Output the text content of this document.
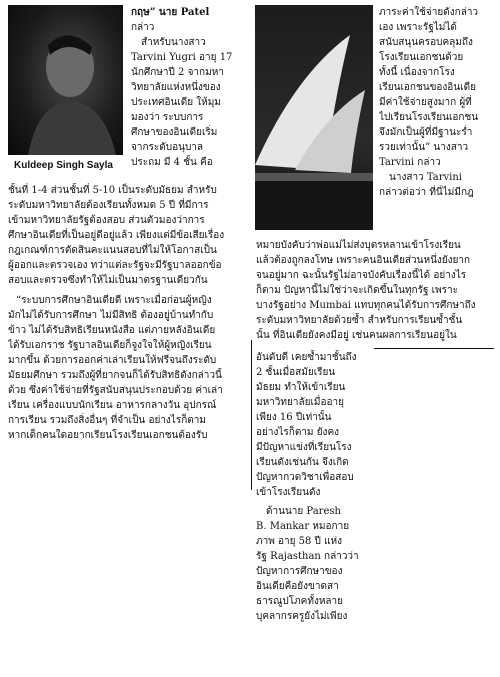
Kuldeep Singh Sayla

กฤษ” นาย Patel

กล่าว

สำหรับนางสาว

Tarvini Yugri อายุ 17

นักศึกษาปี 2 จากมหา

วิทยาลัยแห่งหนึ่งของ

ประเทศอินเดีย ให้มุม

มองว่า ระบบการ

ศึกษาของอินเดียเริ่ม

จากระดับอนุบาล

ประถม มี 4 ชั้น คือ

ภาระค่าใช้จ่ายดังกล่าว

เอง เพราะรัฐไม่ได้

สนับสนุนครอบคลุมถึง

โรงเรียนเอกชนด้วย

ทั้งนี้ เนื่องจากโรง

เรียนเอกชนของอินเดีย

มีค่าใช้จ่ายสูงมาก ผู้ที่

ไปเรียนโรงเรียนเอกชน

จึงมักเป็นผู้ที่มีฐานะร่ำ

รวยเท่านั้น” นางสาว

Tarvini กล่าว

นางสาว Tarvini

กล่าวต่อว่า ที่นี่ไม่มีกฎ

ชั้นที่ 1-4 ส่วนชั้นที่ 5-10 เป็นระดับมัธยม สำหรับ

ระดับมหาวิทยาลัยต้องเรียนทั้งหมด 5 ปี ที่มีการ

เข้ามหาวิทยาลัยรัฐต้องสอบ ส่วนตัวมองว่าการ

ศึกษาอินเดียที่เป็นอยู่ดีอยู่แล้ว เพียงแต่มีข้อเสียเรื่อง

กฎเกณฑ์การตัดสินคะแนนสอบที่ไม่ให้โอกาสเป็น

ผู้ออกและตรวจเอง ทว่าแต่ละรัฐจะมีรัฐบาลออกข้อ

สอบและตรวจซึ่งทำให้ไม่เป็นมาตรฐานเดียวกัน

“ระบบการศึกษาอินเดียดี เพราะเมื่อก่อนผู้หญิง

มักไม่ได้รับการศึกษา ไม่มีสิทธิ ต้องอยู่บ้านทำกับ

ข้าว ไม่ได้รับสิทธิเรียนหนังสือ แต่ภายหลังอินเดีย

ได้รับเอกราช รัฐบาลอินเดียก็จูงใจให้ผู้หญิงเรียน

มากขึ้น ด้วยการออกค่าเล่าเรียนให้ฟรีจนถึงระดับ

มัธยมศึกษา รวมถึงผู้ที่ยากจนก็ได้รับสิทธิดังกล่าวนี้

ด้วย ซึ่งค่าใช้จ่ายที่รัฐสนับสนุนประกอบด้วย ค่าเล่า

เรียน เครื่องแบบนักเรียน อาหารกลางวัน อุปกรณ์

การเรียน รวมถึงสิ่งอื่นๆ ที่จำเป็น อย่างไรก็ตาม

หากเด็กคนใดอยากเรียนโรงเรียนเอกชนต้องรับ

หมายบังคับว่าพ่อแม่ไม่ส่งบุตรหลานเข้าโรงเรียน

แล้วต้องถูกลงโทษ เพราะคนอินเดียส่วนหนึ่งยังยาก

จนอยู่มาก ฉะนั้นรัฐไม่อาจบังคับเรื่องนี้ได้ อย่างไร

ก็ตาม ปัญหานี้ไม่ใช่ว่าจะเกิดขึ้นในทุกรัฐ เพราะ

บางรัฐอย่าง Mumbai แทบทุกคนได้รับการศึกษาถึง

ระดับมหาวิทยาลัยด้วยซ้ำ สำหรับการเรียนซ้ำชั้น

นั้น ที่อินเดียยังคงมีอยู่ เช่นคนผลการเรียนอยู่ใน

อันดับดี เคยซ้ำมาชั้นถึง

2 ชั้นเมื่อสมัยเรียน

มัธยม ทำให้เข้าเรียน

มหาวิทยาลัยเมื่ออายุ

เพียง 16 ปีเท่านั้น

อย่างไรก็ตาม ยังคง

มีปัญหาแข่งที่เรียนโรง

เรียนดังเช่นกัน จึงเกิด

ปัญหากวดวิชาเพื่อสอบ

เข้าโรงเรียนดัง

ด้านนาย Paresh

B. Mankar หมอกาย

ภาพ อายุ 58 ปี แห่ง

รัฐ Rajasthan กล่าวว่า

ปัญหาการศึกษาของ

อินเดียคือยังขาดสา

ธารณูปโภคทั้งหลาย

บุคลากรครูยังไม่เพียง
